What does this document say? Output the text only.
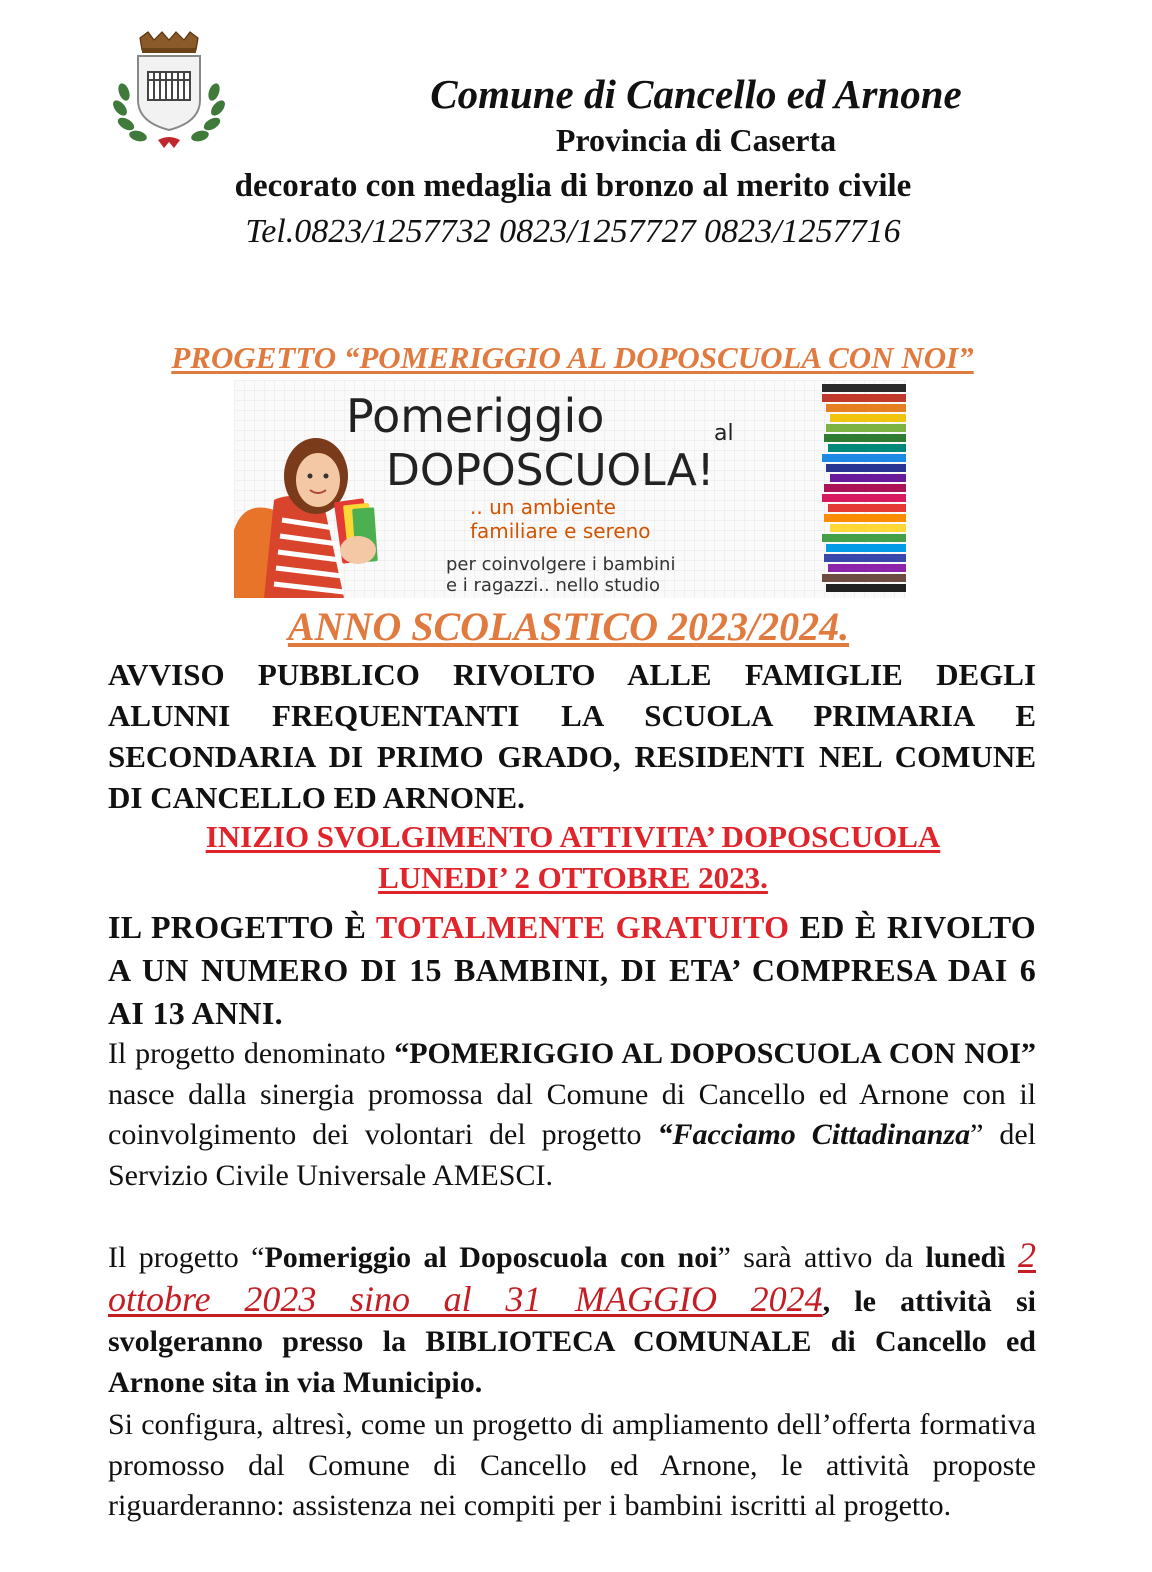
Comune di Cancello ed Arnone
Provincia di Caserta
decorato con medaglia di bronzo al merito civile
Tel.0823/1257732 0823/1257727 0823/1257716
PROGETTO “POMERIGGIO AL DOPOSCUOLA CON NOI”
Pomeriggio	al
DOPOSCUOLA!
.. un ambiente
familiare e sereno
per coinvolgere i bambini
e i ragazzi.. nello studio
ANNO SCOLASTICO 2023/2024.
AVVISO PUBBLICO RIVOLTO ALLE FAMIGLIE DEGLI ALUNNI FREQUENTANTI LA SCUOLA PRIMARIA E SECONDARIA DI PRIMO GRADO, RESIDENTI NEL COMUNE DI CANCELLO ED ARNONE.
INIZIO SVOLGIMENTO ATTIVITA’ DOPOSCUOLA
LUNEDI’ 2 OTTOBRE 2023.
IL PROGETTO È TOTALMENTE GRATUITO ED È RIVOLTO A UN NUMERO DI 15 BAMBINI, DI ETA’ COMPRESA DAI 6 AI 13 ANNI.
Il progetto denominato “POMERIGGIO AL DOPOSCUOLA CON NOI” nasce dalla sinergia promossa dal Comune di Cancello ed Arnone con il coinvolgimento dei volontari del progetto “Facciamo Cittadinanza” del Servizio Civile Universale AMESCI.
Il progetto “Pomeriggio al Doposcuola con noi” sarà attivo da lunedì 2 ottobre 2023 sino al 31 MAGGIO 2024, le attività si svolgeranno presso la BIBLIOTECA COMUNALE di Cancello ed Arnone sita in via Municipio.
Si configura, altresì, come un progetto di ampliamento dell’offerta formativa promosso dal Comune di Cancello ed Arnone, le attività proposte riguarderanno: assistenza nei compiti per i bambini iscritti al progetto.
